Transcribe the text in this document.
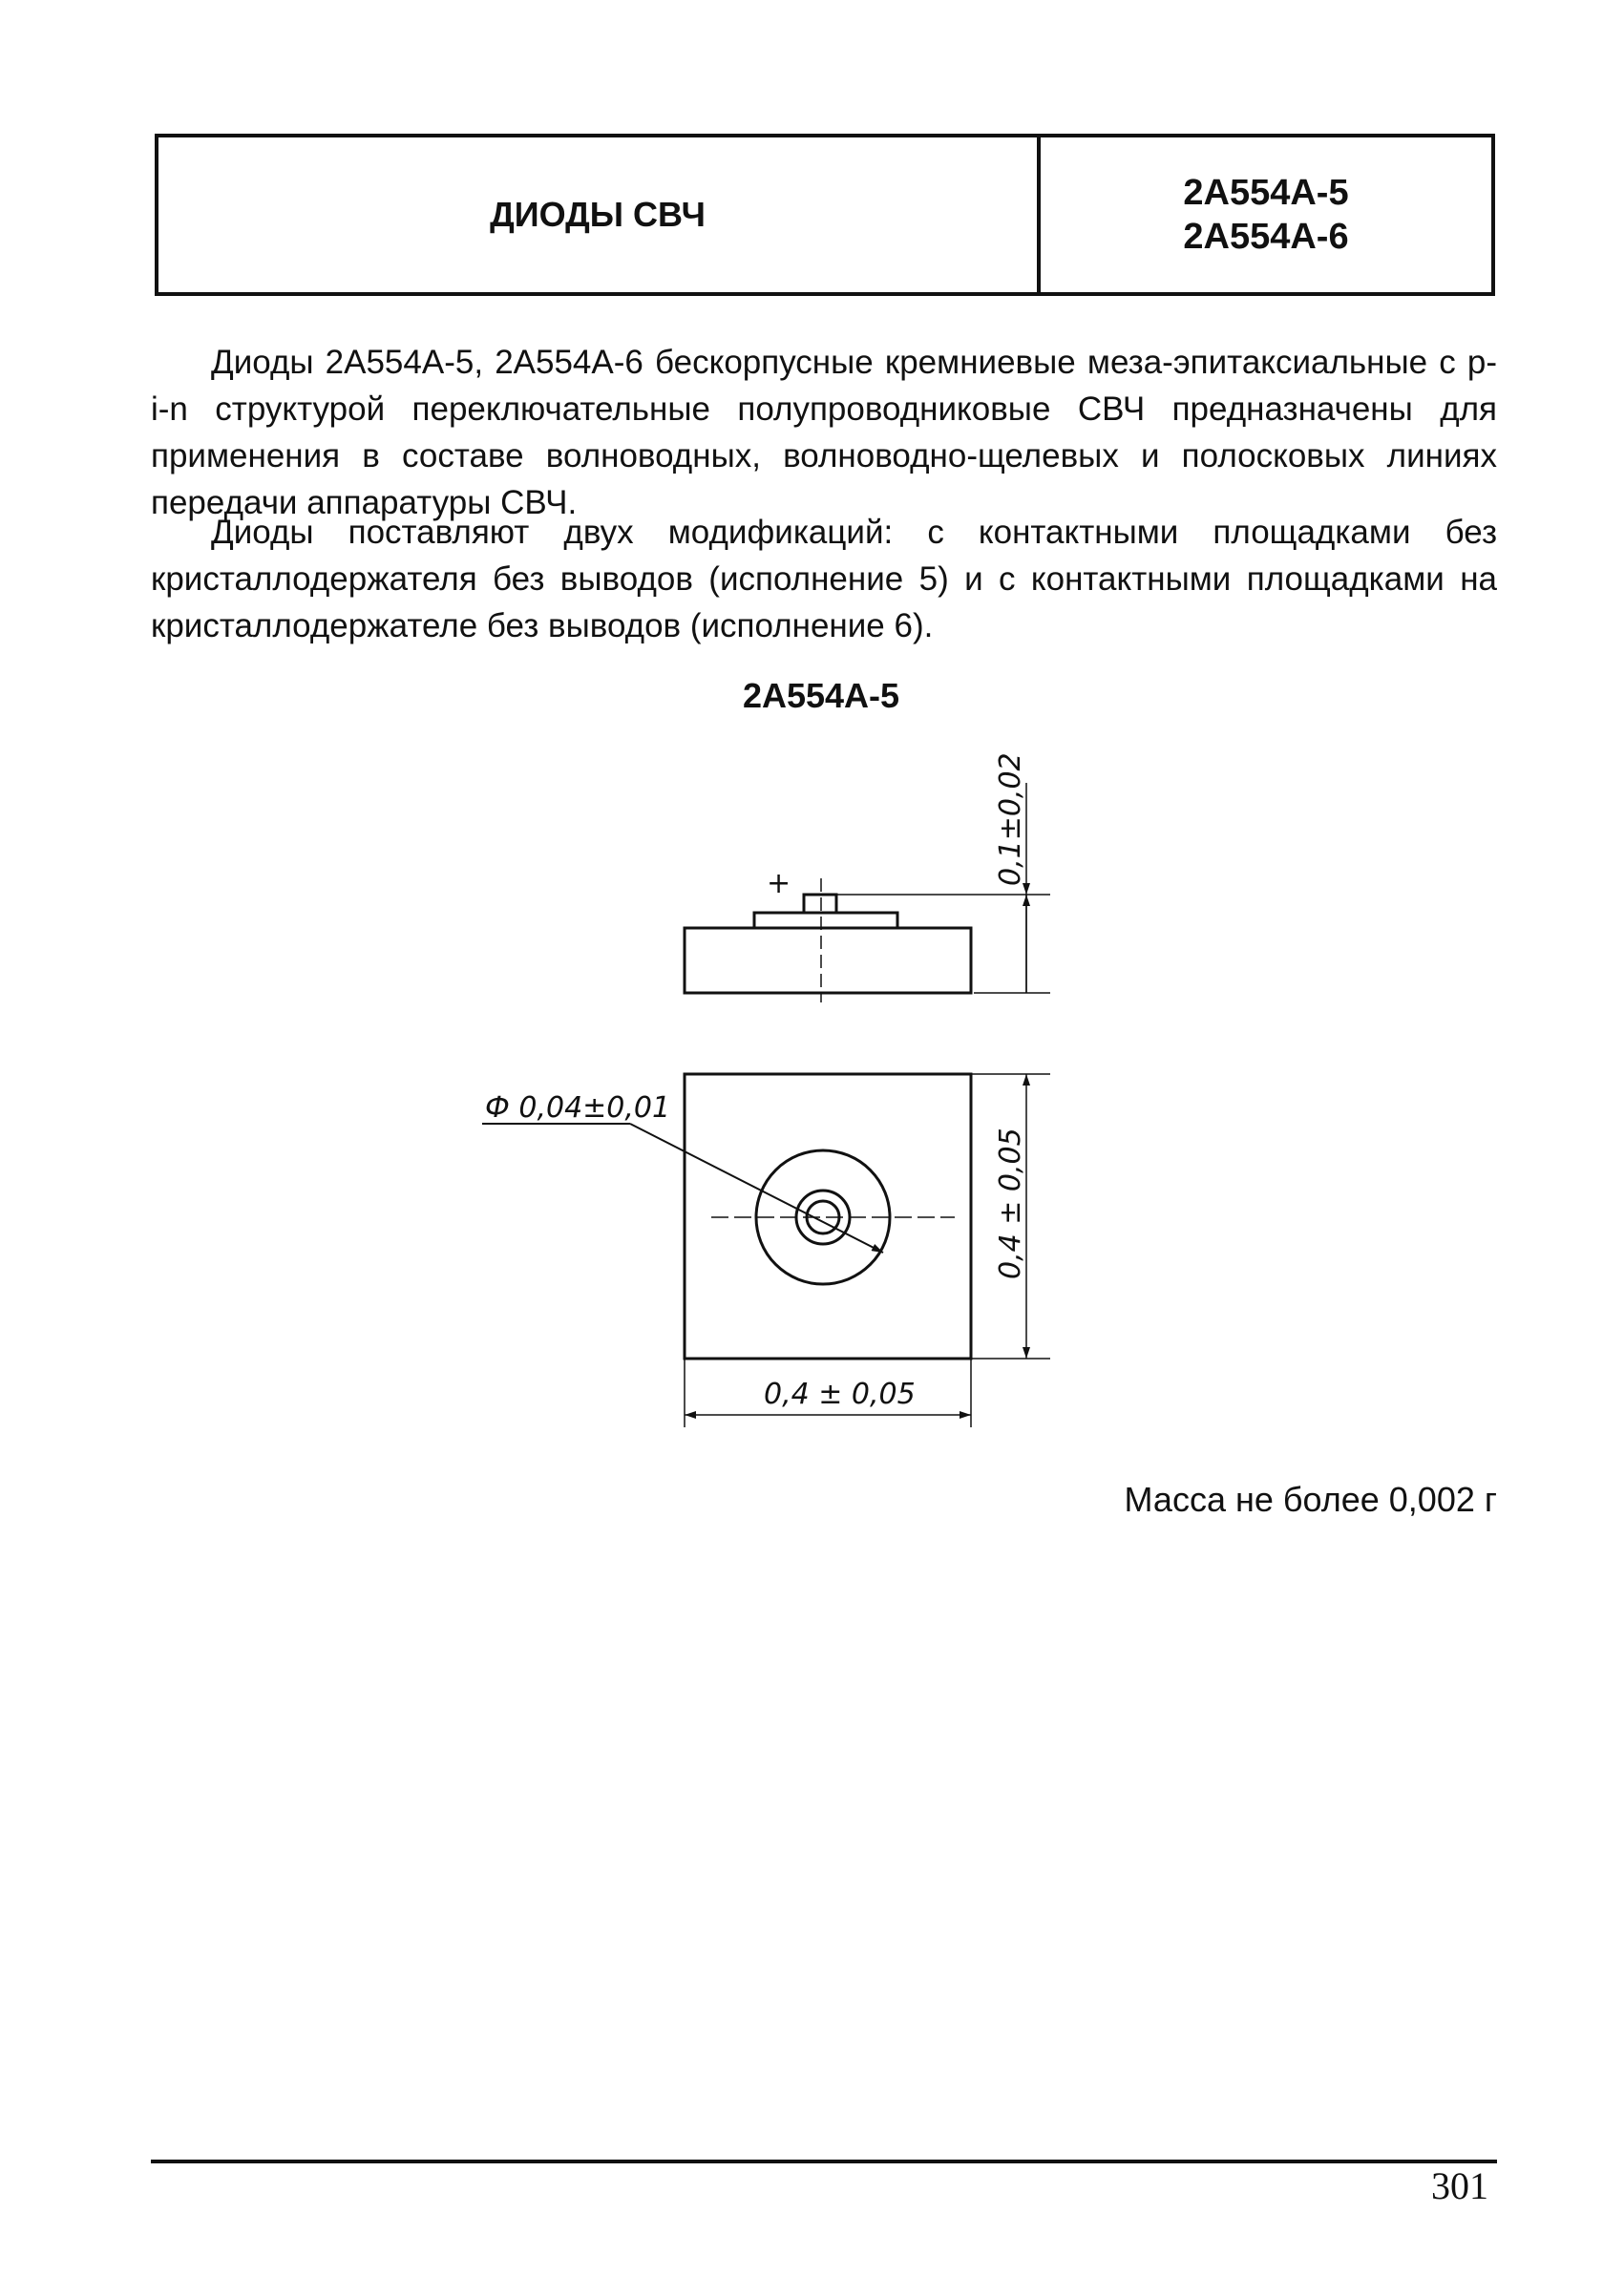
ДИОДЫ СВЧ
2А554А-5
2А554А-6

Диоды 2А554А-5, 2А554А-6 бескорпусные кремниевые меза-эпитаксиальные с p-i-n структурой переключательные полупроводниковые СВЧ предназначены для применения в составе волноводных, волноводно-щелевых и полосковых линиях передачи аппаратуры СВЧ.

Диоды поставляют двух модификаций: с контактными площадками без кристаллодержателя без выводов (исполнение 5) и с контактными площадками на кристаллодержателе без выводов (исполнение 6).

2А554А-5
+	0,1±0,02
Ф 0,04±0,01
0,4 ± 0,05
0,4 ± 0,05
Масса не более 0,002 г
301
